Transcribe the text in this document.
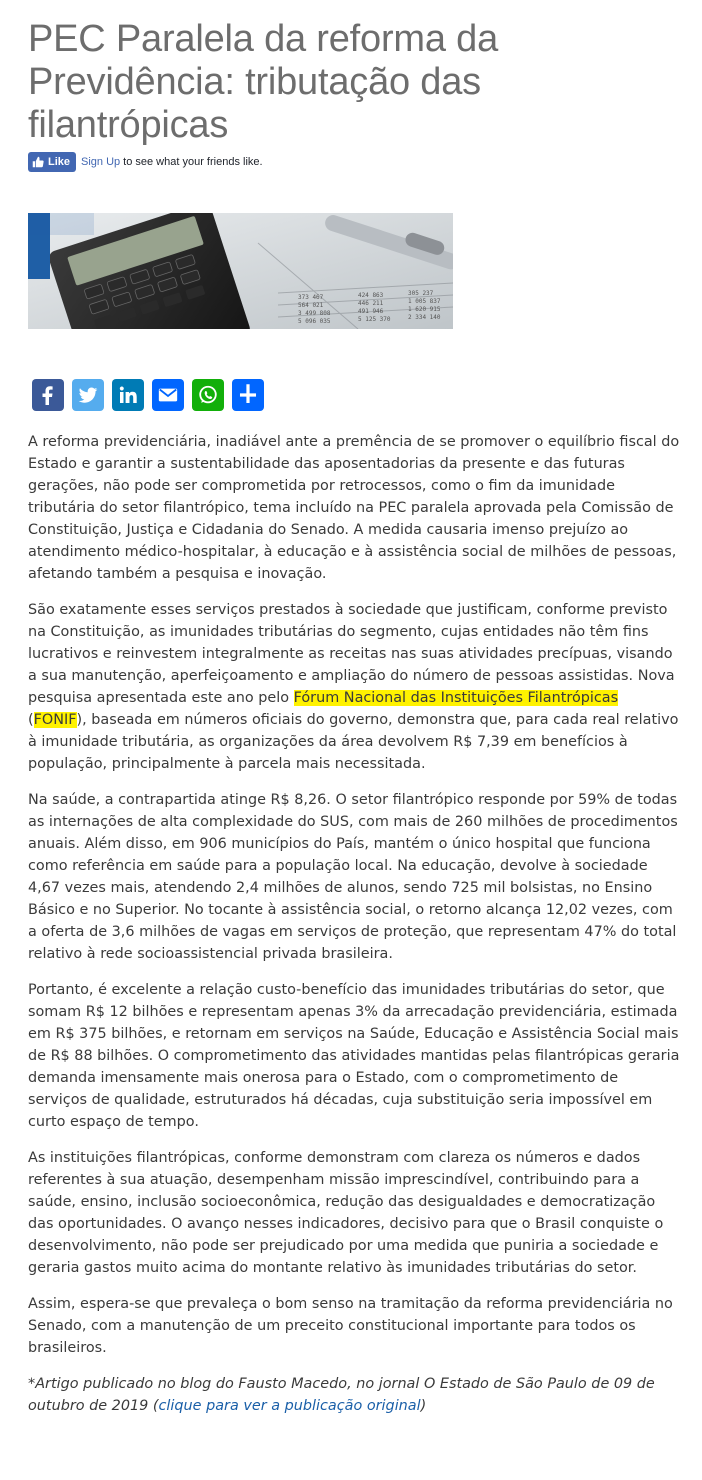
PEC Paralela da reforma da Previdência: tributação das filantrópicas
Like Sign Up to see what your friends like.
373 467	424 863	305 237
564 021	446 211	1 005 837
3 499 808	491 946	1 620 915
5 096 035	5 125 370	2 334 140

A reforma previdenciária, inadiável ante a premência de se promover o equilíbrio fiscal do Estado e garantir a sustentabilidade das aposentadorias da presente e das futuras gerações, não pode ser comprometida por retrocessos, como o fim da imunidade tributária do setor filantrópico, tema incluído na PEC paralela aprovada pela Comissão de Constituição, Justiça e Cidadania do Senado. A medida causaria imenso prejuízo ao atendimento médico-hospitalar, à educação e à assistência social de milhões de pessoas, afetando também a pesquisa e inovação.

São exatamente esses serviços prestados à sociedade que justificam, conforme previsto na Constituição, as imunidades tributárias do segmento, cujas entidades não têm fins lucrativos e reinvestem integralmente as receitas nas suas atividades precípuas, visando a sua manutenção, aperfeiçoamento e ampliação do número de pessoas assistidas. Nova pesquisa apresentada este ano pelo Fórum Nacional das Instituições Filantrópicas (FONIF), baseada em números oficiais do governo, demonstra que, para cada real relativo à imunidade tributária, as organizações da área devolvem R$ 7,39 em benefícios à população, principalmente à parcela mais necessitada.

Na saúde, a contrapartida atinge R$ 8,26. O setor filantrópico responde por 59% de todas as internações de alta complexidade do SUS, com mais de 260 milhões de procedimentos anuais. Além disso, em 906 municípios do País, mantém o único hospital que funciona como referência em saúde para a população local. Na educação, devolve à sociedade 4,67 vezes mais, atendendo 2,4 milhões de alunos, sendo 725 mil bolsistas, no Ensino Básico e no Superior. No tocante à assistência social, o retorno alcança 12,02 vezes, com a oferta de 3,6 milhões de vagas em serviços de proteção, que representam 47% do total relativo à rede socioassistencial privada brasileira.

Portanto, é excelente a relação custo-benefício das imunidades tributárias do setor, que somam R$ 12 bilhões e representam apenas 3% da arrecadação previdenciária, estimada em R$ 375 bilhões, e retornam em serviços na Saúde, Educação e Assistência Social mais de R$ 88 bilhões. O comprometimento das atividades mantidas pelas filantrópicas geraria demanda imensamente mais onerosa para o Estado, com o comprometimento de serviços de qualidade, estruturados há décadas, cuja substituição seria impossível em curto espaço de tempo.

As instituições filantrópicas, conforme demonstram com clareza os números e dados referentes à sua atuação, desempenham missão imprescindível, contribuindo para a saúde, ensino, inclusão socioeconômica, redução das desigualdades e democratização das oportunidades. O avanço nesses indicadores, decisivo para que o Brasil conquiste o desenvolvimento, não pode ser prejudicado por uma medida que puniria a sociedade e geraria gastos muito acima do montante relativo às imunidades tributárias do setor.

Assim, espera-se que prevaleça o bom senso na tramitação da reforma previdenciária no Senado, com a manutenção de um preceito constitucional importante para todos os brasileiros.

*Artigo publicado no blog do Fausto Macedo, no jornal O Estado de São Paulo de 09 de outubro de 2019 (clique para ver a publicação original)
